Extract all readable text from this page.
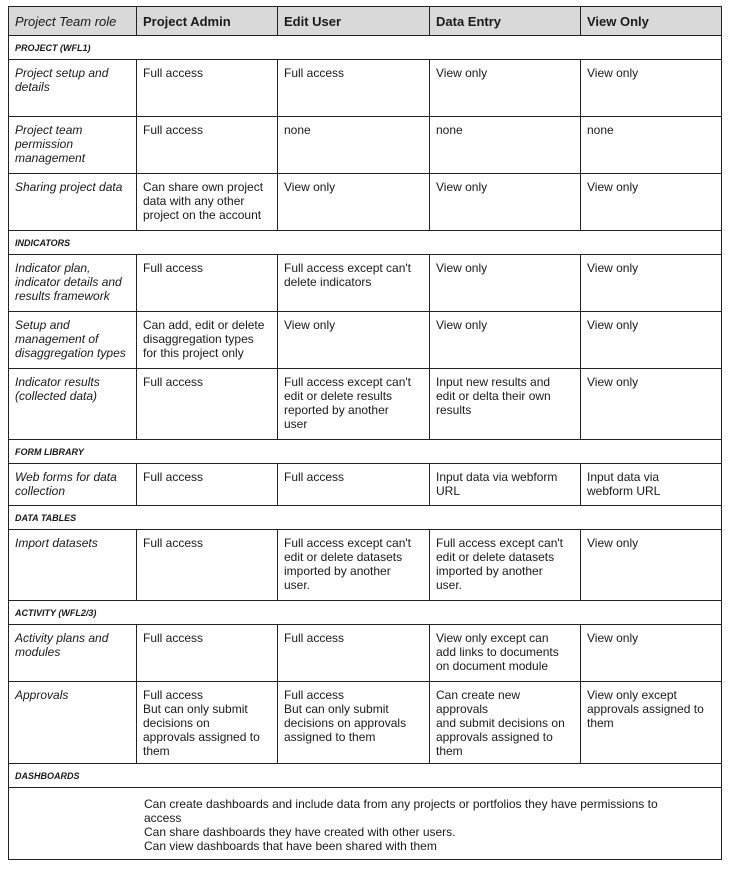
Project Team role	Project Admin	Edit User	Data Entry	View Only
PROJECT (WFL1)				

Project setup and
details	Full access	Full access	View only	View only

Project team
permission
management	Full access	none	none	none

Sharing project data	Can share own project
data with any other
project on the account	View only	View only	View only

INDICATORS				

Indicator plan,
indicator details and
results framework	Full access	Full access except can't
delete indicators	View only	View only

Setup and
management of
disaggregation types	Can add, edit or delete
disaggregation types
for this project only	View only	View only	View only

Indicator results
(collected data)	Full access	Full access except can't
edit or delete results
reported by another
user	Input new results and
edit or delta their own
results	View only

FORM LIBRARY				

Web forms for data
collection	Full access	Full access	Input data via webform
URL	Input data via
webform URL

DATA TABLES				

Import datasets	Full access	Full access except can't
edit or delete datasets
imported by another
user.	Full access except can't
edit or delete datasets
imported by another
user.	View only

ACTIVITY (WFL2/3)				

Activity plans and
modules	Full access	Full access	View only except can
add links to documents
on document module	View only

Approvals	Full access
But can only submit
decisions on
approvals assigned to
them	Full access
But can only submit
decisions on approvals
assigned to them	Can create new
approvals
and submit decisions on
approvals assigned to
them	View only except
approvals assigned to
them

DASHBOARDS				

Can create dashboards and include data from any projects or portfolios they have permissions to
access
Can share dashboards they have created with other users.
Can view dashboards that have been shared with them				
